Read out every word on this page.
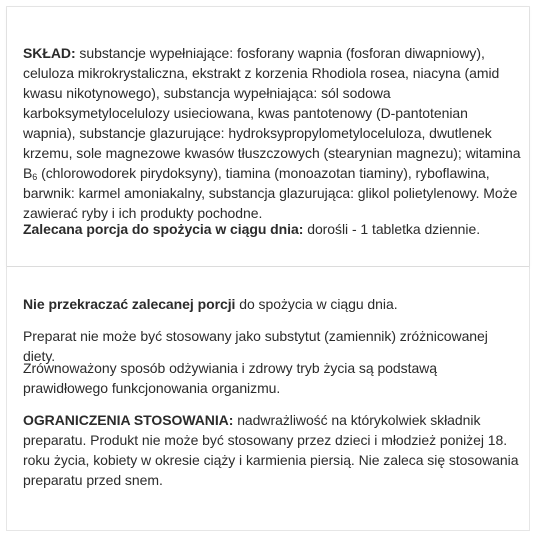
SKŁAD: substancje wypełniające: fosforany wapnia (fosforan diwapniowy), celuloza mikrokrystaliczna, ekstrakt z korzenia Rhodiola rosea, niacyna (amid kwasu nikotynowego), substancja wypełniająca: sól sodowa karboksymetylocelulozy usieciowana, kwas pantotenowy (D-pantotenian wapnia), substancje glazurujące: hydroksypropylometyloceluloza, dwutlenek krzemu, sole magnezowe kwasów tłuszczowych (stearynian magnezu); witamina $B_6$ (chlorowodorek pirydoksyny), tiamina (monoazotan tiaminy), ryboflawina, barwnik: karmel amoniakalny, substancja glazurująca: glikol polietylenowy. Może zawierać ryby i ich produkty pochodne.

Zalecana porcja do spożycia w ciągu dnia: dorośli - 1 tabletka dziennie.

Nie przekraczać zalecanej porcji do spożycia w ciągu dnia.

Preparat nie może być stosowany jako substytut (zamiennik) zróżnicowanej diety.

Zrównoważony sposób odżywiania i zdrowy tryb życia są podstawą prawidłowego funkcjonowania organizmu.

OGRANICZENIA STOSOWANIA: nadwrażliwość na którykolwiek składnik preparatu. Produkt nie może być stosowany przez dzieci i młodzież poniżej 18. roku życia, kobiety w okresie ciąży i karmienia piersią. Nie zaleca się stosowania preparatu przed snem.
